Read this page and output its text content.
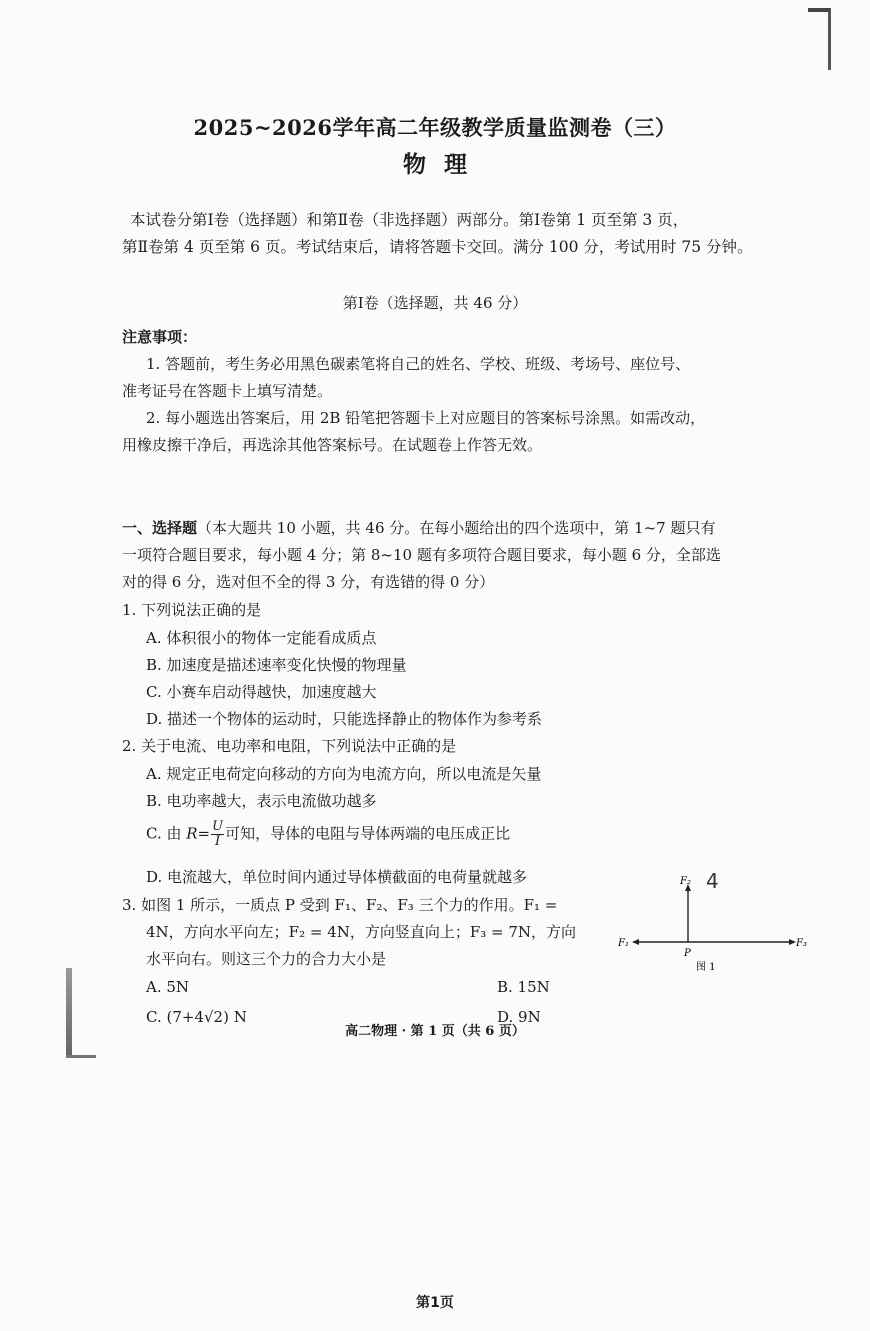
2025~2026学年高二年级教学质量监测卷（三）
物理
本试卷分第Ⅰ卷（选择题）和第Ⅱ卷（非选择题）两部分。第Ⅰ卷第 1 页至第 3 页，
第Ⅱ卷第 4 页至第 6 页。考试结束后，请将答题卡交回。满分 100 分，考试用时 75 分钟。
第Ⅰ卷（选择题，共 46 分）
注意事项：
1. 答题前，考生务必用黑色碳素笔将自己的姓名、学校、班级、考场号、座位号、
准考证号在答题卡上填写清楚。
2. 每小题选出答案后，用 2B 铅笔把答题卡上对应题目的答案标号涂黑。如需改动，
用橡皮擦干净后，再选涂其他答案标号。在试题卷上作答无效。
一、选择题（本大题共 10 小题，共 46 分。在每小题给出的四个选项中，第 1~7 题只有
一项符合题目要求，每小题 4 分；第 8~10 题有多项符合题目要求，每小题 6 分，全部选
对的得 6 分，选对但不全的得 3 分，有选错的得 0 分）
1. 下列说法正确的是
A. 体积很小的物体一定能看成质点
B. 加速度是描述速率变化快慢的物理量
C. 小赛车启动得越快，加速度越大
D. 描述一个物体的运动时，只能选择静止的物体作为参考系
2. 关于电流、电功率和电阻，下列说法中正确的是
A. 规定正电荷定向移动的方向为电流方向，所以电流是矢量
B. 电功率越大，表示电流做功越多
C. 由 $R= \frac{U}{I}$ 可知，导体的电阻与导体两端的电压成正比
D. 电流越大，单位时间内通过导体横截面的电荷量就越多
3. 如图 1 所示，一质点 P 受到 F₁、F₂、F₃ 三个力的作用。F₁ =
4N，方向水平向左；F₂ = 4N，方向竖直向上；F₃ = 7N，方向
水平向右。则这三个力的合力大小是
A. 5N	B. 15N
C. (7+4√2) N	D. 9N
F₁
F₂
F₃
P
图 1
4
高二物理 · 第 1 页（共 6 页）
第1页
